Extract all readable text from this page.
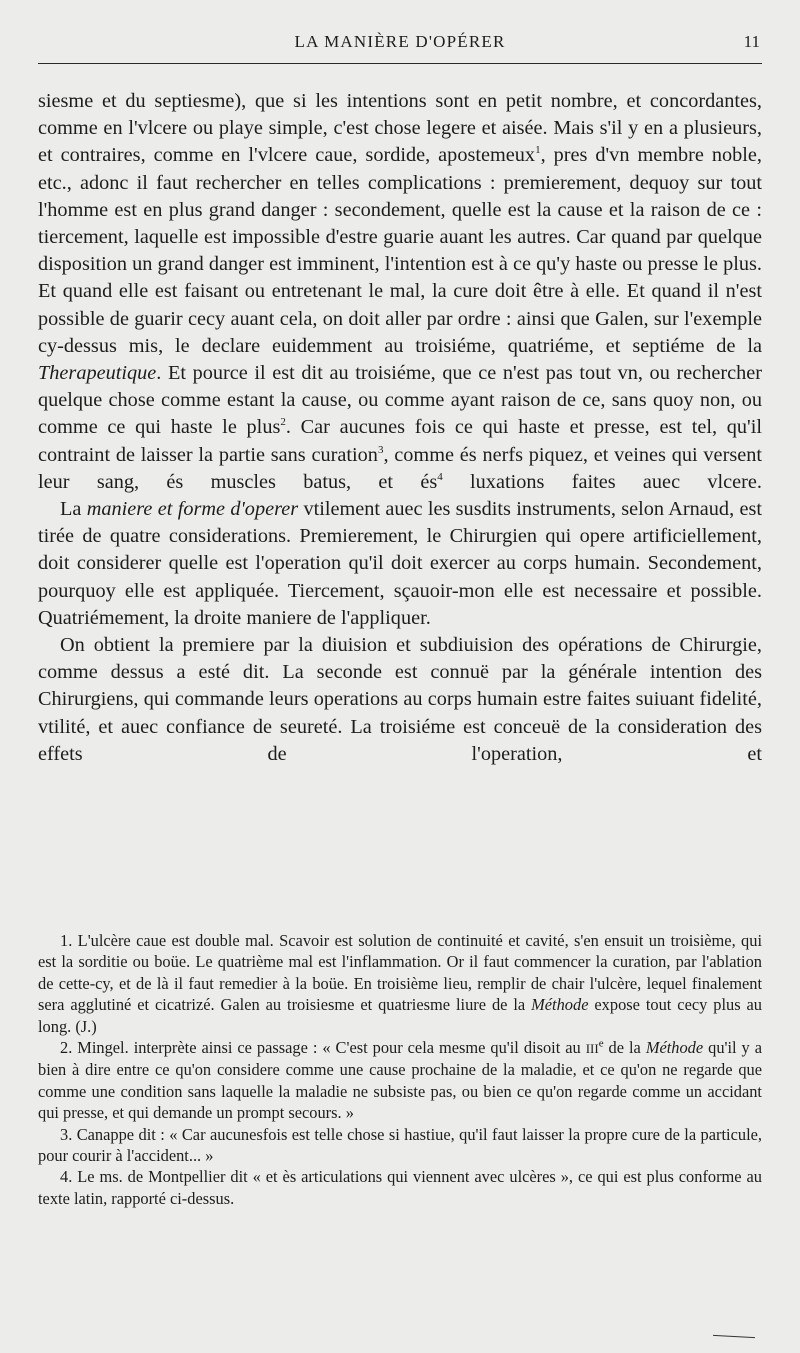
LA MANIÈRE D'OPÉRER	11

siesme et du septiesme), que si les intentions sont en petit nombre, et concordantes, comme en l'vlcere ou playe simple, c'est chose legere et aisée. Mais s'il y en a plusieurs, et contraires, comme en l'vlcere caue, sordide, apostemeux$^1$, pres d'vn membre noble, etc., adonc il faut rechercher en telles complications : premierement, dequoy sur tout l'homme est en plus grand danger : secondement, quelle est la cause et la raison de ce : tiercement, laquelle est impossible d'estre guarie auant les autres. Car quand par quelque disposition un grand danger est imminent, l'intention est à ce qu'y haste ou presse le plus. Et quand elle est faisant ou entretenant le mal, la cure doit être à elle. Et quand il n'est possible de guarir cecy auant cela, on doit aller par ordre : ainsi que Galen, sur l'exemple cy-dessus mis, le declare euidemment au troisiéme, quatriéme, et septiéme de la Therapeutique. Et pource il est dit au troisiéme, que ce n'est pas tout vn, ou rechercher quelque chose comme estant la cause, ou comme ayant raison de ce, sans quoy non, ou comme ce qui haste le plus$^2$. Car aucunes fois ce qui haste et presse, est tel, qu'il contraint de laisser la partie sans curation$^3$, comme és nerfs piquez, et veines qui versent leur sang, és muscles batus, et $és^4$ luxations faites auec vlcere.

La maniere et forme d'operer vtilement auec les susdits instruments, selon Arnaud, est tirée de quatre considerations. Premierement, le Chirurgien qui opere artificiellement, doit considerer quelle est l'operation qu'il doit exercer au corps humain. Secondement, pourquoy elle est appliquée. Tiercement, sçauoir-mon elle est necessaire et possible. Quatriémement, la droite maniere de l'appliquer.

On obtient la premiere par la diuision et subdiuision des opérations de Chirurgie, comme dessus a esté dit. La seconde est connuë par la générale intention des Chirurgiens, qui commande leurs operations au corps humain estre faites suiuant fidelité, vtilité, et auec confiance de seureté. La troisiéme est conceuë de la consideration des effets de l'operation, et

1. L'ulcère caue est double mal. Scavoir est solution de continuité et cavité, s'en ensuit un troisième, qui est la sorditie ou boüe. Le quatrième mal est l'inflammation. Or il faut commencer la curation, par l'ablation de cette-cy, et de là il faut remedier à la boüe. En troisième lieu, remplir de chair l'ulcère, lequel finalement sera agglutiné et cicatrizé. Galen au troisiesme et quatriesme liure de la Méthode expose tout cecy plus au long. (J.)

2. Mingel. interprète ainsi ce passage : « C'est pour cela mesme qu'il disoit au IIIe de la Méthode qu'il y a bien à dire entre ce qu'on considere comme une cause prochaine de la maladie, et ce qu'on ne regarde que comme une condition sans laquelle la maladie ne subsiste pas, ou bien ce qu'on regarde comme un accidant qui presse, et qui demande un prompt secours. »

3. Canappe dit : « Car aucunesfois est telle chose si hastiue, qu'il faut laisser la propre cure de la particule, pour courir à l'accident... »

4. Le ms. de Montpellier dit « et ès articulations qui viennent avec ulcères », ce qui est plus conforme au texte latin, rapporté ci-dessus.
